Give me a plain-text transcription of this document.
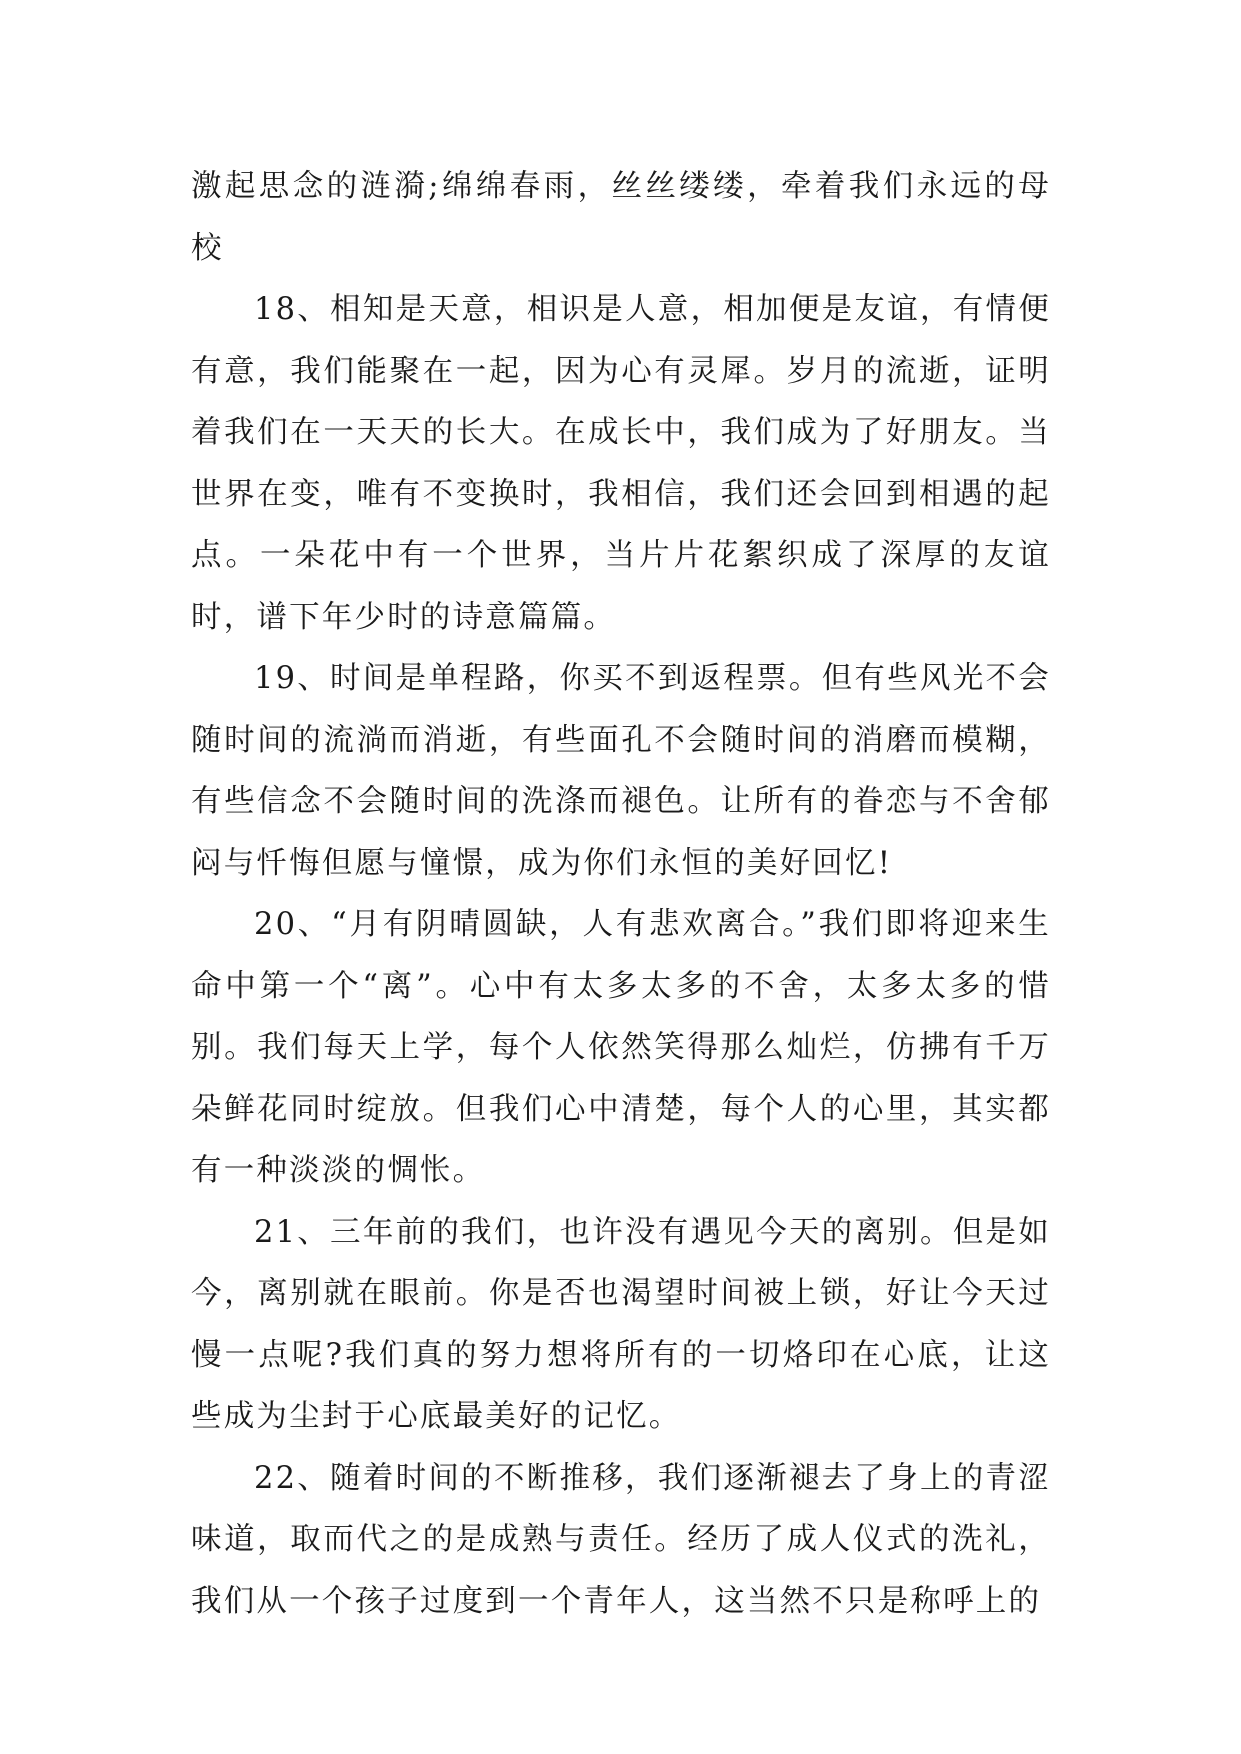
激起思念的涟漪;绵绵春雨，丝丝缕缕，牵着我们永远的母校

18、相知是天意，相识是人意，相加便是友谊，有情便有意，我们能聚在一起，因为心有灵犀。岁月的流逝，证明着我们在一天天的长大。在成长中，我们成为了好朋友。当世界在变，唯有不变换时，我相信，我们还会回到相遇的起点。一朵花中有一个世界，当片片花絮织成了深厚的友谊时，谱下年少时的诗意篇篇。

19、时间是单程路，你买不到返程票。但有些风光不会随时间的流淌而消逝，有些面孔不会随时间的消磨而模糊，有些信念不会随时间的洗涤而褪色。让所有的眷恋与不舍郁闷与忏悔但愿与憧憬，成为你们永恒的美好回忆!

20、“月有阴晴圆缺，人有悲欢离合。”我们即将迎来生命中第一个“离”。心中有太多太多的不舍，太多太多的惜别。我们每天上学，每个人依然笑得那么灿烂，仿拂有千万朵鲜花同时绽放。但我们心中清楚，每个人的心里，其实都有一种淡淡的惆怅。

21、三年前的我们，也许没有遇见今天的离别。但是如今，离别就在眼前。你是否也渴望时间被上锁，好让今天过慢一点呢?我们真的努力想将所有的一切烙印在心底，让这些成为尘封于心底最美好的记忆。

22、随着时间的不断推移，我们逐渐褪去了身上的青涩味道，取而代之的是成熟与责任。经历了成人仪式的洗礼，我们从一个孩子过度到一个青年人，这当然不只是称呼上的
